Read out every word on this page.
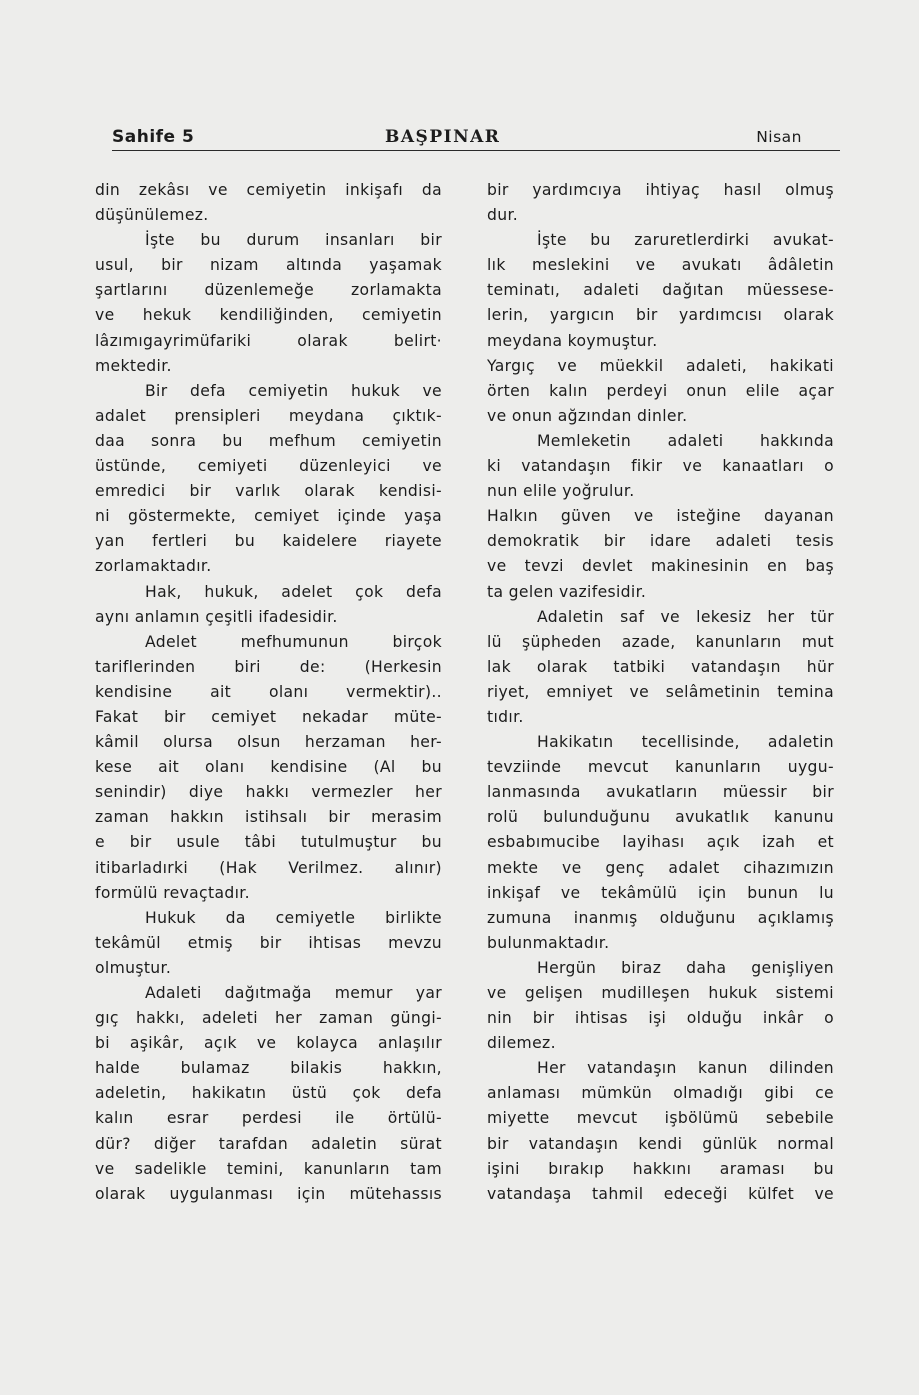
Sahife 5	BAŞPINAR	Nisan
din zekâsı ve cemiyetin inkişafı da
düşünülemez.
İşte bu durum insanları bir
usul, bir nizam altında yaşamak
şartlarını düzenlemeğe zorlamakta
ve hekuk kendiliğinden, cemiyetin
lâzımıgayrimüfariki olarak belirt·
mektedir.
Bir defa cemiyetin hukuk ve
adalet prensipleri meydana çıktık-
daa sonra bu mefhum cemiyetin
üstünde, cemiyeti düzenleyici ve
emredici bir varlık olarak kendisi-
ni göstermekte, cemiyet içinde yaşa
yan fertleri bu kaidelere riayete
zorlamaktadır.
Hak, hukuk, adelet çok defa
aynı anlamın çeşitli ifadesidir.
Adelet mefhumunun birçok
tariflerinden biri de: (Herkesin
kendisine ait olanı vermektir)..
Fakat bir cemiyet nekadar müte-
kâmil olursa olsun herzaman her-
kese ait olanı kendisine (Al bu
senindir) diye hakkı vermezler her
zaman hakkın istihsalı bir merasim
e bir usule tâbi tutulmuştur bu
itibarladırki (Hak Verilmez. alınır)
formülü revaçtadır.
Hukuk da cemiyetle birlikte
tekâmül etmiş bir ihtisas mevzu
olmuştur.
Adaleti dağıtmağa memur yar
gıç hakkı, adeleti her zaman güngi-
bi aşikâr, açık ve kolayca anlaşılır
halde bulamaz bilakis hakkın,
adeletin, hakikatın üstü çok defa
kalın esrar perdesi ile örtülü-
dür? diğer tarafdan adaletin sürat
ve sadelikle temini, kanunların tam
olarak uygulanması için mütehassıs
bir yardımcıya ihtiyaç hasıl olmuş
dur.
İşte bu zaruretlerdirki avukat-
lık meslekini ve avukatı âdâletin
teminatı, adaleti dağıtan müessese-
lerin, yargıcın bir yardımcısı olarak
meydana koymuştur.
Yargıç ve müekkil adaleti, hakikati
örten kalın perdeyi onun elile açar
ve onun ağzından dinler.
Memleketin adaleti hakkında
ki vatandaşın fikir ve kanaatları o
nun elile yoğrulur.
Halkın güven ve isteğine dayanan
demokratik bir idare adaleti tesis
ve tevzi devlet makinesinin en baş
ta gelen vazifesidir.
Adaletin saf ve lekesiz her tür
lü şüpheden azade, kanunların mut
lak olarak tatbiki vatandaşın hür
riyet, emniyet ve selâmetinin temina
tıdır.
Hakikatın tecellisinde, adaletin
tevziinde mevcut kanunların uygu-
lanmasında avukatların müessir bir
rolü bulunduğunu avukatlık kanunu
esbabımucibe layihası açık izah et
mekte ve genç adalet cihazımızın
inkişaf ve tekâmülü için bunun lu
zumuna inanmış olduğunu açıklamış
bulunmaktadır.
Hergün biraz daha genişliyen
ve gelişen mudilleşen hukuk sistemi
nin bir ihtisas işi olduğu inkâr o
dilemez.
Her vatandaşın kanun dilinden
anlaması mümkün olmadığı gibi ce
miyette mevcut işbölümü sebebile
bir vatandaşın kendi günlük normal
işini bırakıp hakkını araması bu
vatandaşa tahmil edeceği külfet ve
